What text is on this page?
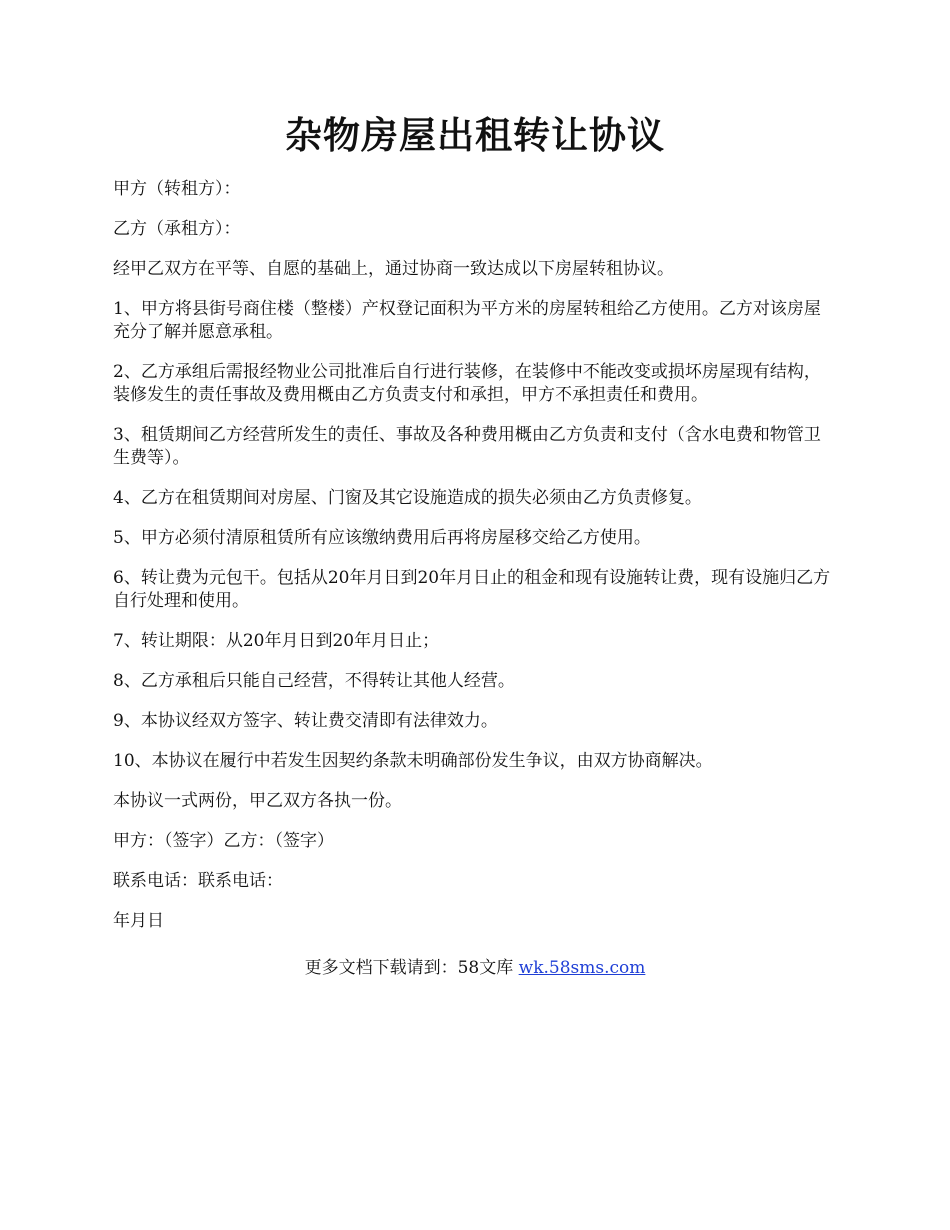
杂物房屋出租转让协议

甲方（转租方）：

乙方（承租方）：

经甲乙双方在平等、自愿的基础上，通过协商一致达成以下房屋转租协议。

1、甲方将县街号商住楼（整楼）产权登记面积为平方米的房屋转租给乙方使用。乙方对该房屋充分了解并愿意承租。

2、乙方承组后需报经物业公司批准后自行进行装修，在装修中不能改变或损坏房屋现有结构，装修发生的责任事故及费用概由乙方负责支付和承担，甲方不承担责任和费用。

3、租赁期间乙方经营所发生的责任、事故及各种费用概由乙方负责和支付（含水电费和物管卫生费等）。

4、乙方在租赁期间对房屋、门窗及其它设施造成的损失必须由乙方负责修复。

5、甲方必须付清原租赁所有应该缴纳费用后再将房屋移交给乙方使用。

6、转让费为元包干。包括从20年月日到20年月日止的租金和现有设施转让费，现有设施归乙方自行处理和使用。

7、转让期限：从20年月日到20年月日止；

8、乙方承租后只能自己经营，不得转让其他人经营。

9、本协议经双方签字、转让费交清即有法律效力。

10、本协议在履行中若发生因契约条款未明确部份发生争议，由双方协商解决。

本协议一式两份，甲乙双方各执一份。

甲方：（签字）乙方：（签字）

联系电话：联系电话：

年月日

更多文档下载请到：58文库 wk.58sms.com
